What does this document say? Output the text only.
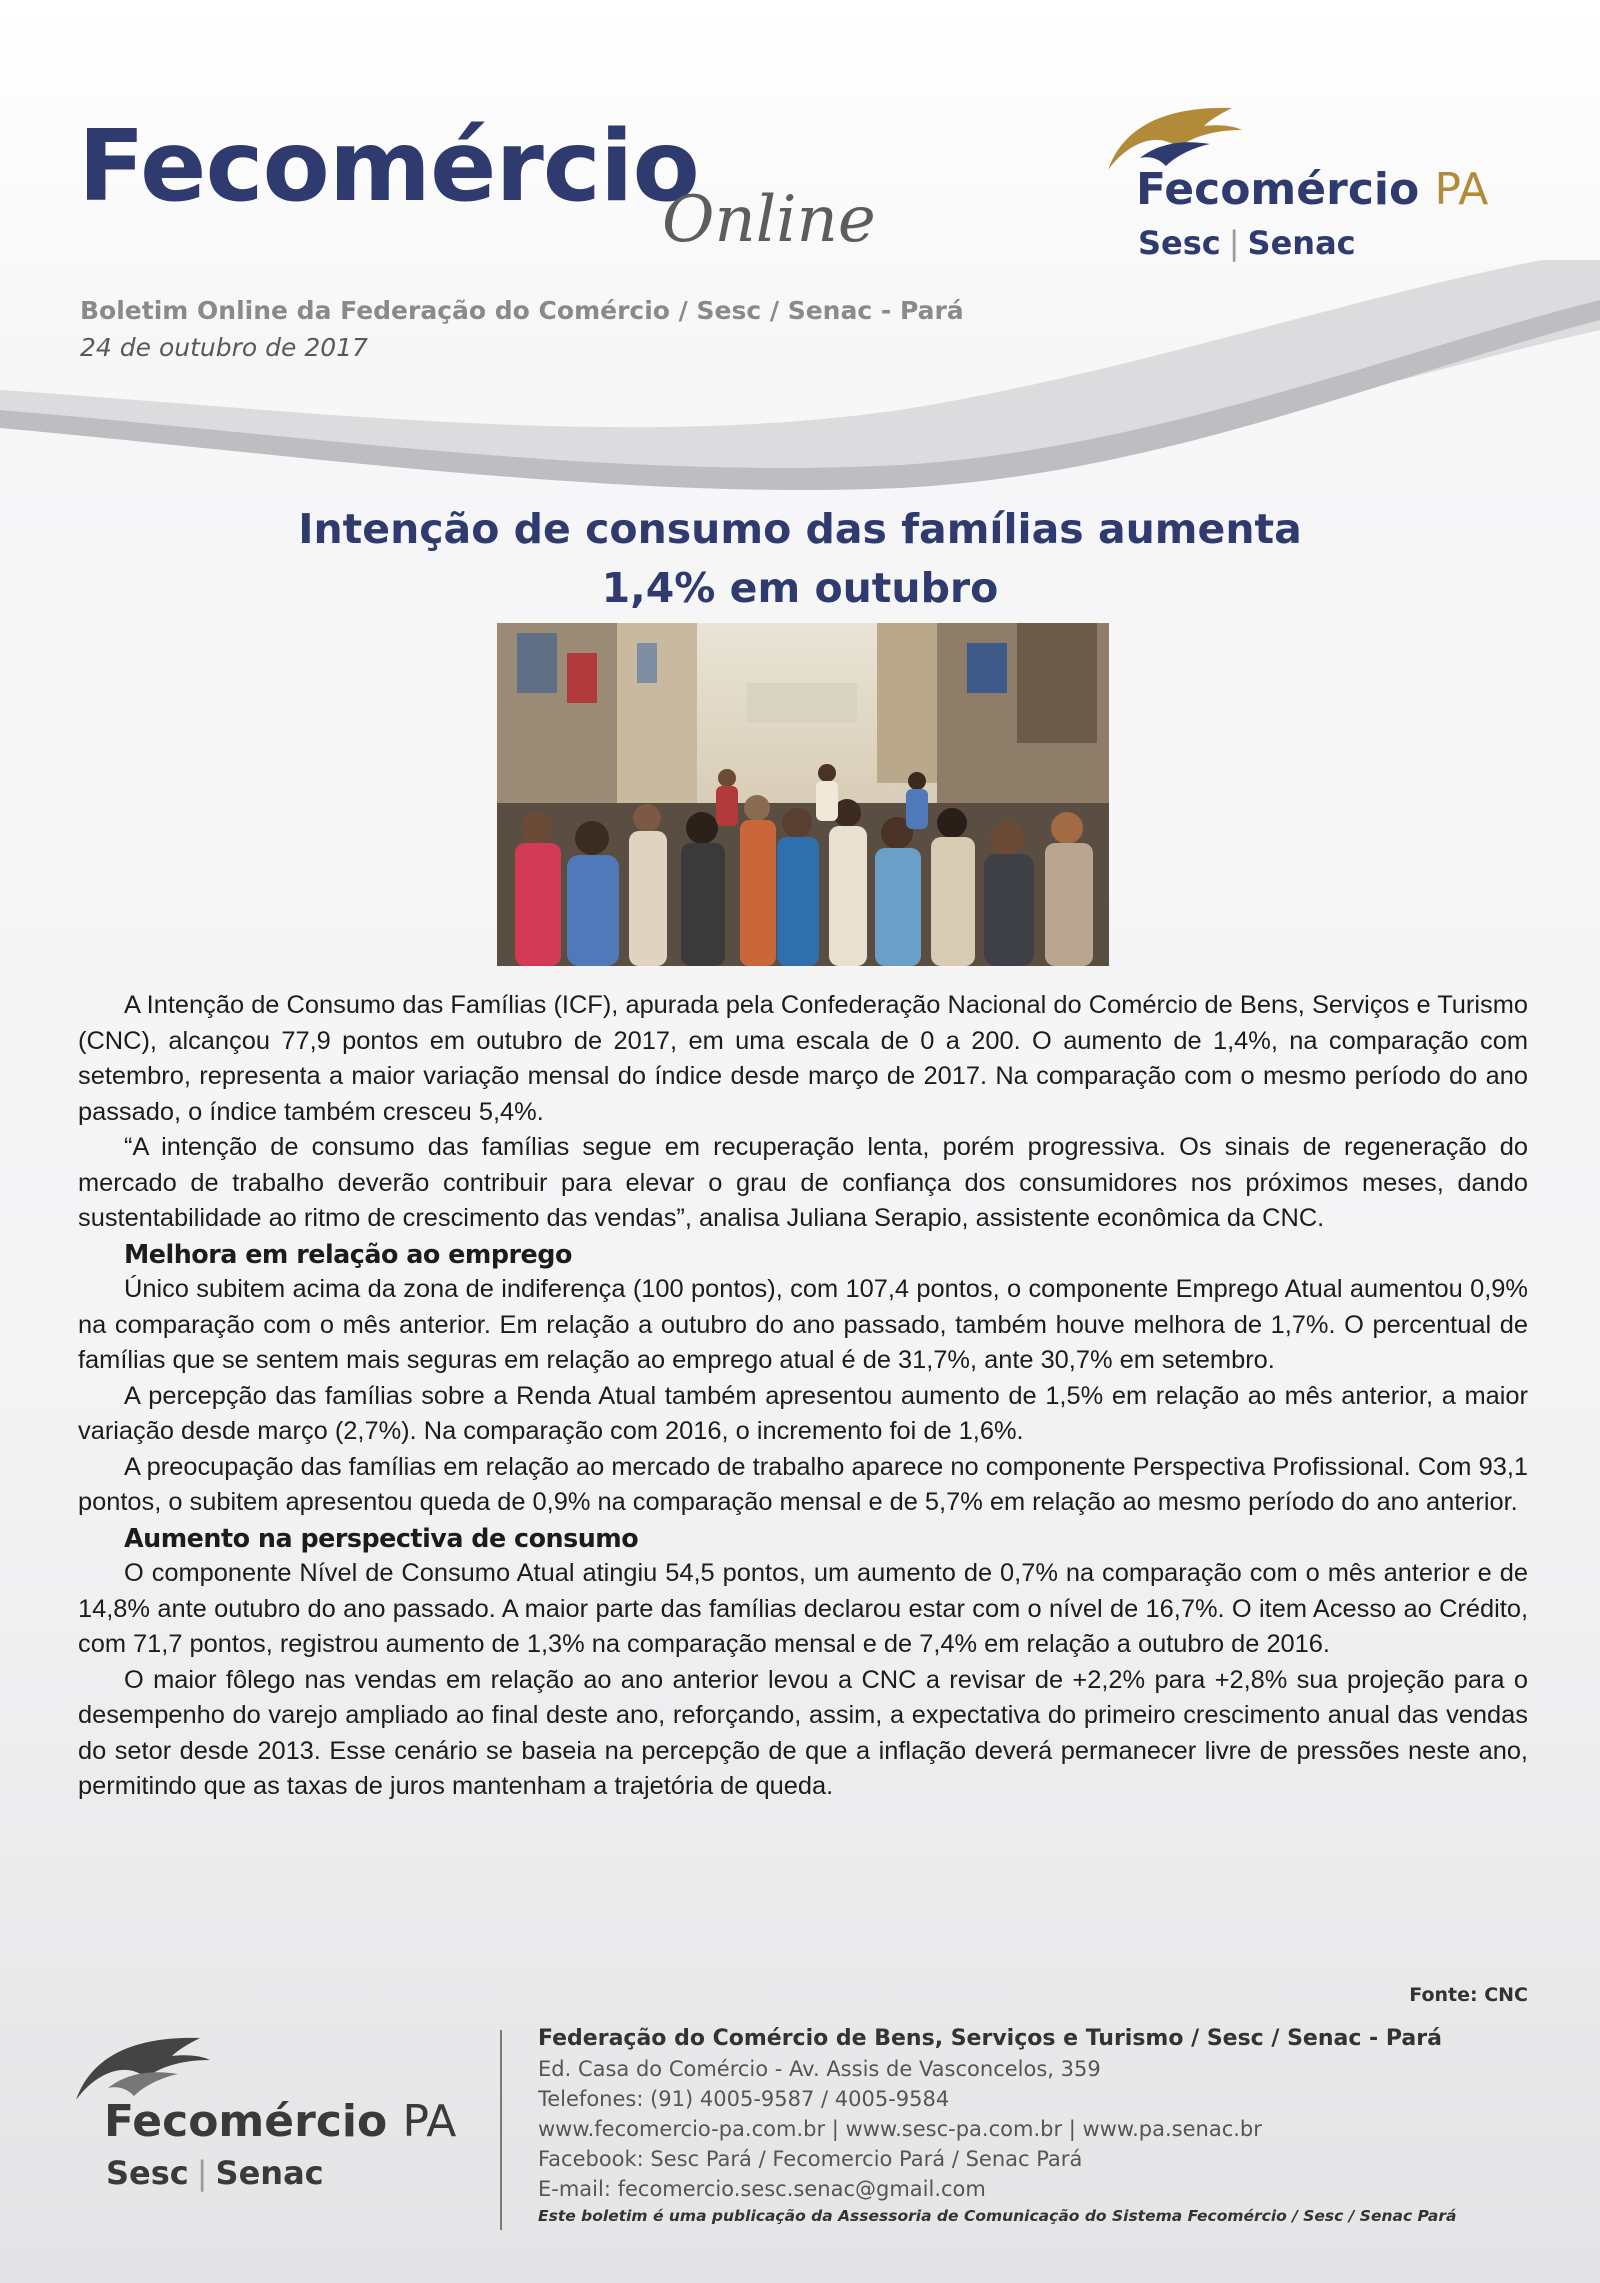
Fecomércio
Online
Boletim Online da Federação do Comércio / Sesc / Senac - Pará
24 de outubro de 2017
Fecomércio PA
Sesc | Senac
Intenção de consumo das famílias aumenta
1,4% em outubro

A Intenção de Consumo das Famílias (ICF), apurada pela Confederação Nacional do Comércio de Bens, Serviços e Turismo (CNC), alcançou 77,9 pontos em outubro de 2017, em uma escala de 0 a 200. O aumento de 1,4%, na comparação com setembro, representa a maior variação mensal do índice desde março de 2017. Na comparação com o mesmo período do ano passado, o índice também cresceu 5,4%.

“A intenção de consumo das famílias segue em recuperação lenta, porém progressiva. Os sinais de regeneração do mercado de trabalho deverão contribuir para elevar o grau de confiança dos consumidores nos próximos meses, dando sustentabilidade ao ritmo de crescimento das vendas”, analisa Juliana Serapio, assistente econômica da CNC.

Melhora em relação ao emprego

Único subitem acima da zona de indiferença (100 pontos), com 107,4 pontos, o componente Emprego Atual aumentou 0,9% na comparação com o mês anterior. Em relação a outubro do ano passado, também houve melhora de 1,7%. O percentual de famílias que se sentem mais seguras em relação ao emprego atual é de 31,7%, ante 30,7% em setembro.

A percepção das famílias sobre a Renda Atual também apresentou aumento de 1,5% em relação ao mês anterior, a maior variação desde março (2,7%). Na comparação com 2016, o incremento foi de 1,6%.

A preocupação das famílias em relação ao mercado de trabalho aparece no componente Perspectiva Profissional. Com 93,1 pontos, o subitem apresentou queda de 0,9% na comparação mensal e de 5,7% em relação ao mesmo período do ano anterior.

Aumento na perspectiva de consumo

O componente Nível de Consumo Atual atingiu 54,5 pontos, um aumento de 0,7% na comparação com o mês anterior e de 14,8% ante outubro do ano passado. A maior parte das famílias declarou estar com o nível de 16,7%. O item Acesso ao Crédito, com 71,7 pontos, registrou aumento de 1,3% na comparação mensal e de 7,4% em relação a outubro de 2016.

O maior fôlego nas vendas em relação ao ano anterior levou a CNC a revisar de +2,2% para +2,8% sua projeção para o desempenho do varejo ampliado ao final deste ano, reforçando, assim, a expectativa do primeiro crescimento anual das vendas do setor desde 2013. Esse cenário se baseia na percepção de que a inflação deverá permanecer livre de pressões neste ano, permitindo que as taxas de juros mantenham a trajetória de queda.

Fonte: CNC
Fecomércio PA
Sesc | Senac
Federação do Comércio de Bens, Serviços e Turismo / Sesc / Senac - Pará
Ed. Casa do Comércio - Av. Assis de Vasconcelos, 359
Telefones: (91) 4005-9587 / 4005-9584
www.fecomercio-pa.com.br | www.sesc-pa.com.br | www.pa.senac.br
Facebook: Sesc Pará / Fecomercio Pará / Senac Pará
E-mail: fecomercio.sesc.senac@gmail.com
Este boletim é uma publicação da Assessoria de Comunicação do Sistema Fecomércio / Sesc / Senac Pará
